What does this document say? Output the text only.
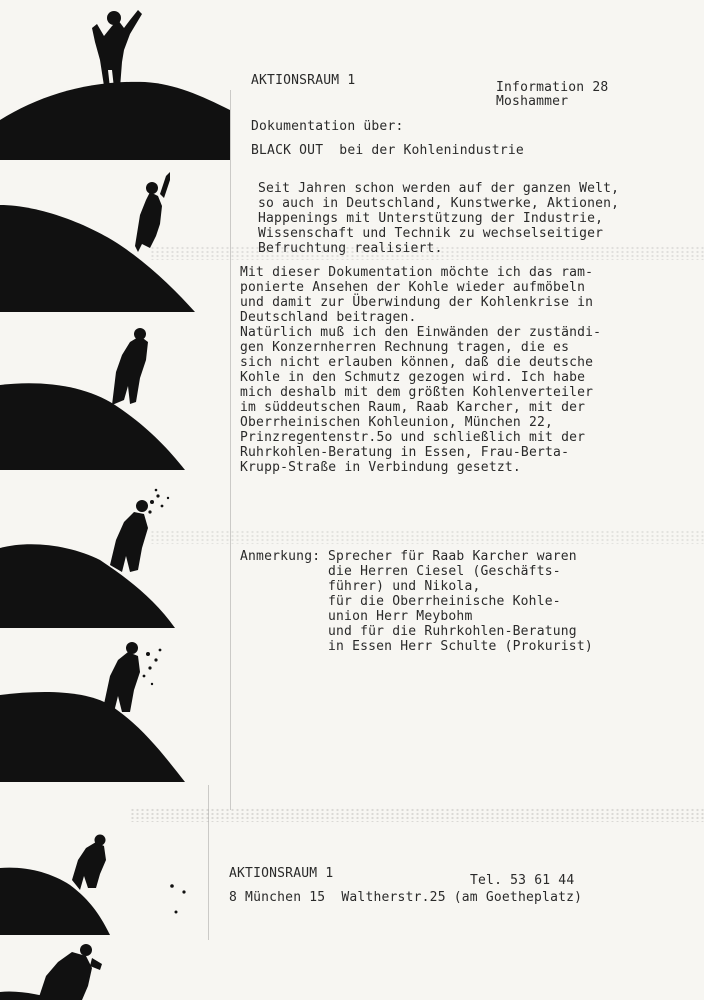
AKTIONSRAUM 1	Information 28

Moshammer

Dokumentation über:

BLACK OUT  bei der Kohlenindustrie

Seit Jahren schon werden auf der ganzen Welt,

so auch in Deutschland, Kunstwerke, Aktionen,

Happenings mit Unterstützung der Industrie,

Wissenschaft und Technik zu wechselseitiger

Befruchtung realisiert.

Mit dieser Dokumentation möchte ich das ram-

ponierte Ansehen der Kohle wieder aufmöbeln

und damit zur Überwindung der Kohlenkrise in

Deutschland beitragen.

Natürlich muß ich den Einwänden der zuständi-

gen Konzernherren Rechnung tragen, die es

sich nicht erlauben können, daß die deutsche

Kohle in den Schmutz gezogen wird. Ich habe

mich deshalb mit dem größten Kohlenverteiler

im süddeutschen Raum, Raab Karcher, mit der

Oberrheinischen Kohleunion, München 22,

Prinzregentenstr.5o und schließlich mit der

Ruhrkohlen-Beratung in Essen, Frau-Berta-

Krupp-Straße in Verbindung gesetzt.

Anmerkung: Sprecher für Raab Karcher waren

die Herren Ciesel (Geschäfts-

führer) und Nikola,

für die Oberrheinische Kohle-

union Herr Meybohm

und für die Ruhrkohlen-Beratung

in Essen Herr Schulte (Prokurist)

AKTIONSRAUM 1	Tel. 53 61 44

8 München 15  Waltherstr.25 (am Goetheplatz)
